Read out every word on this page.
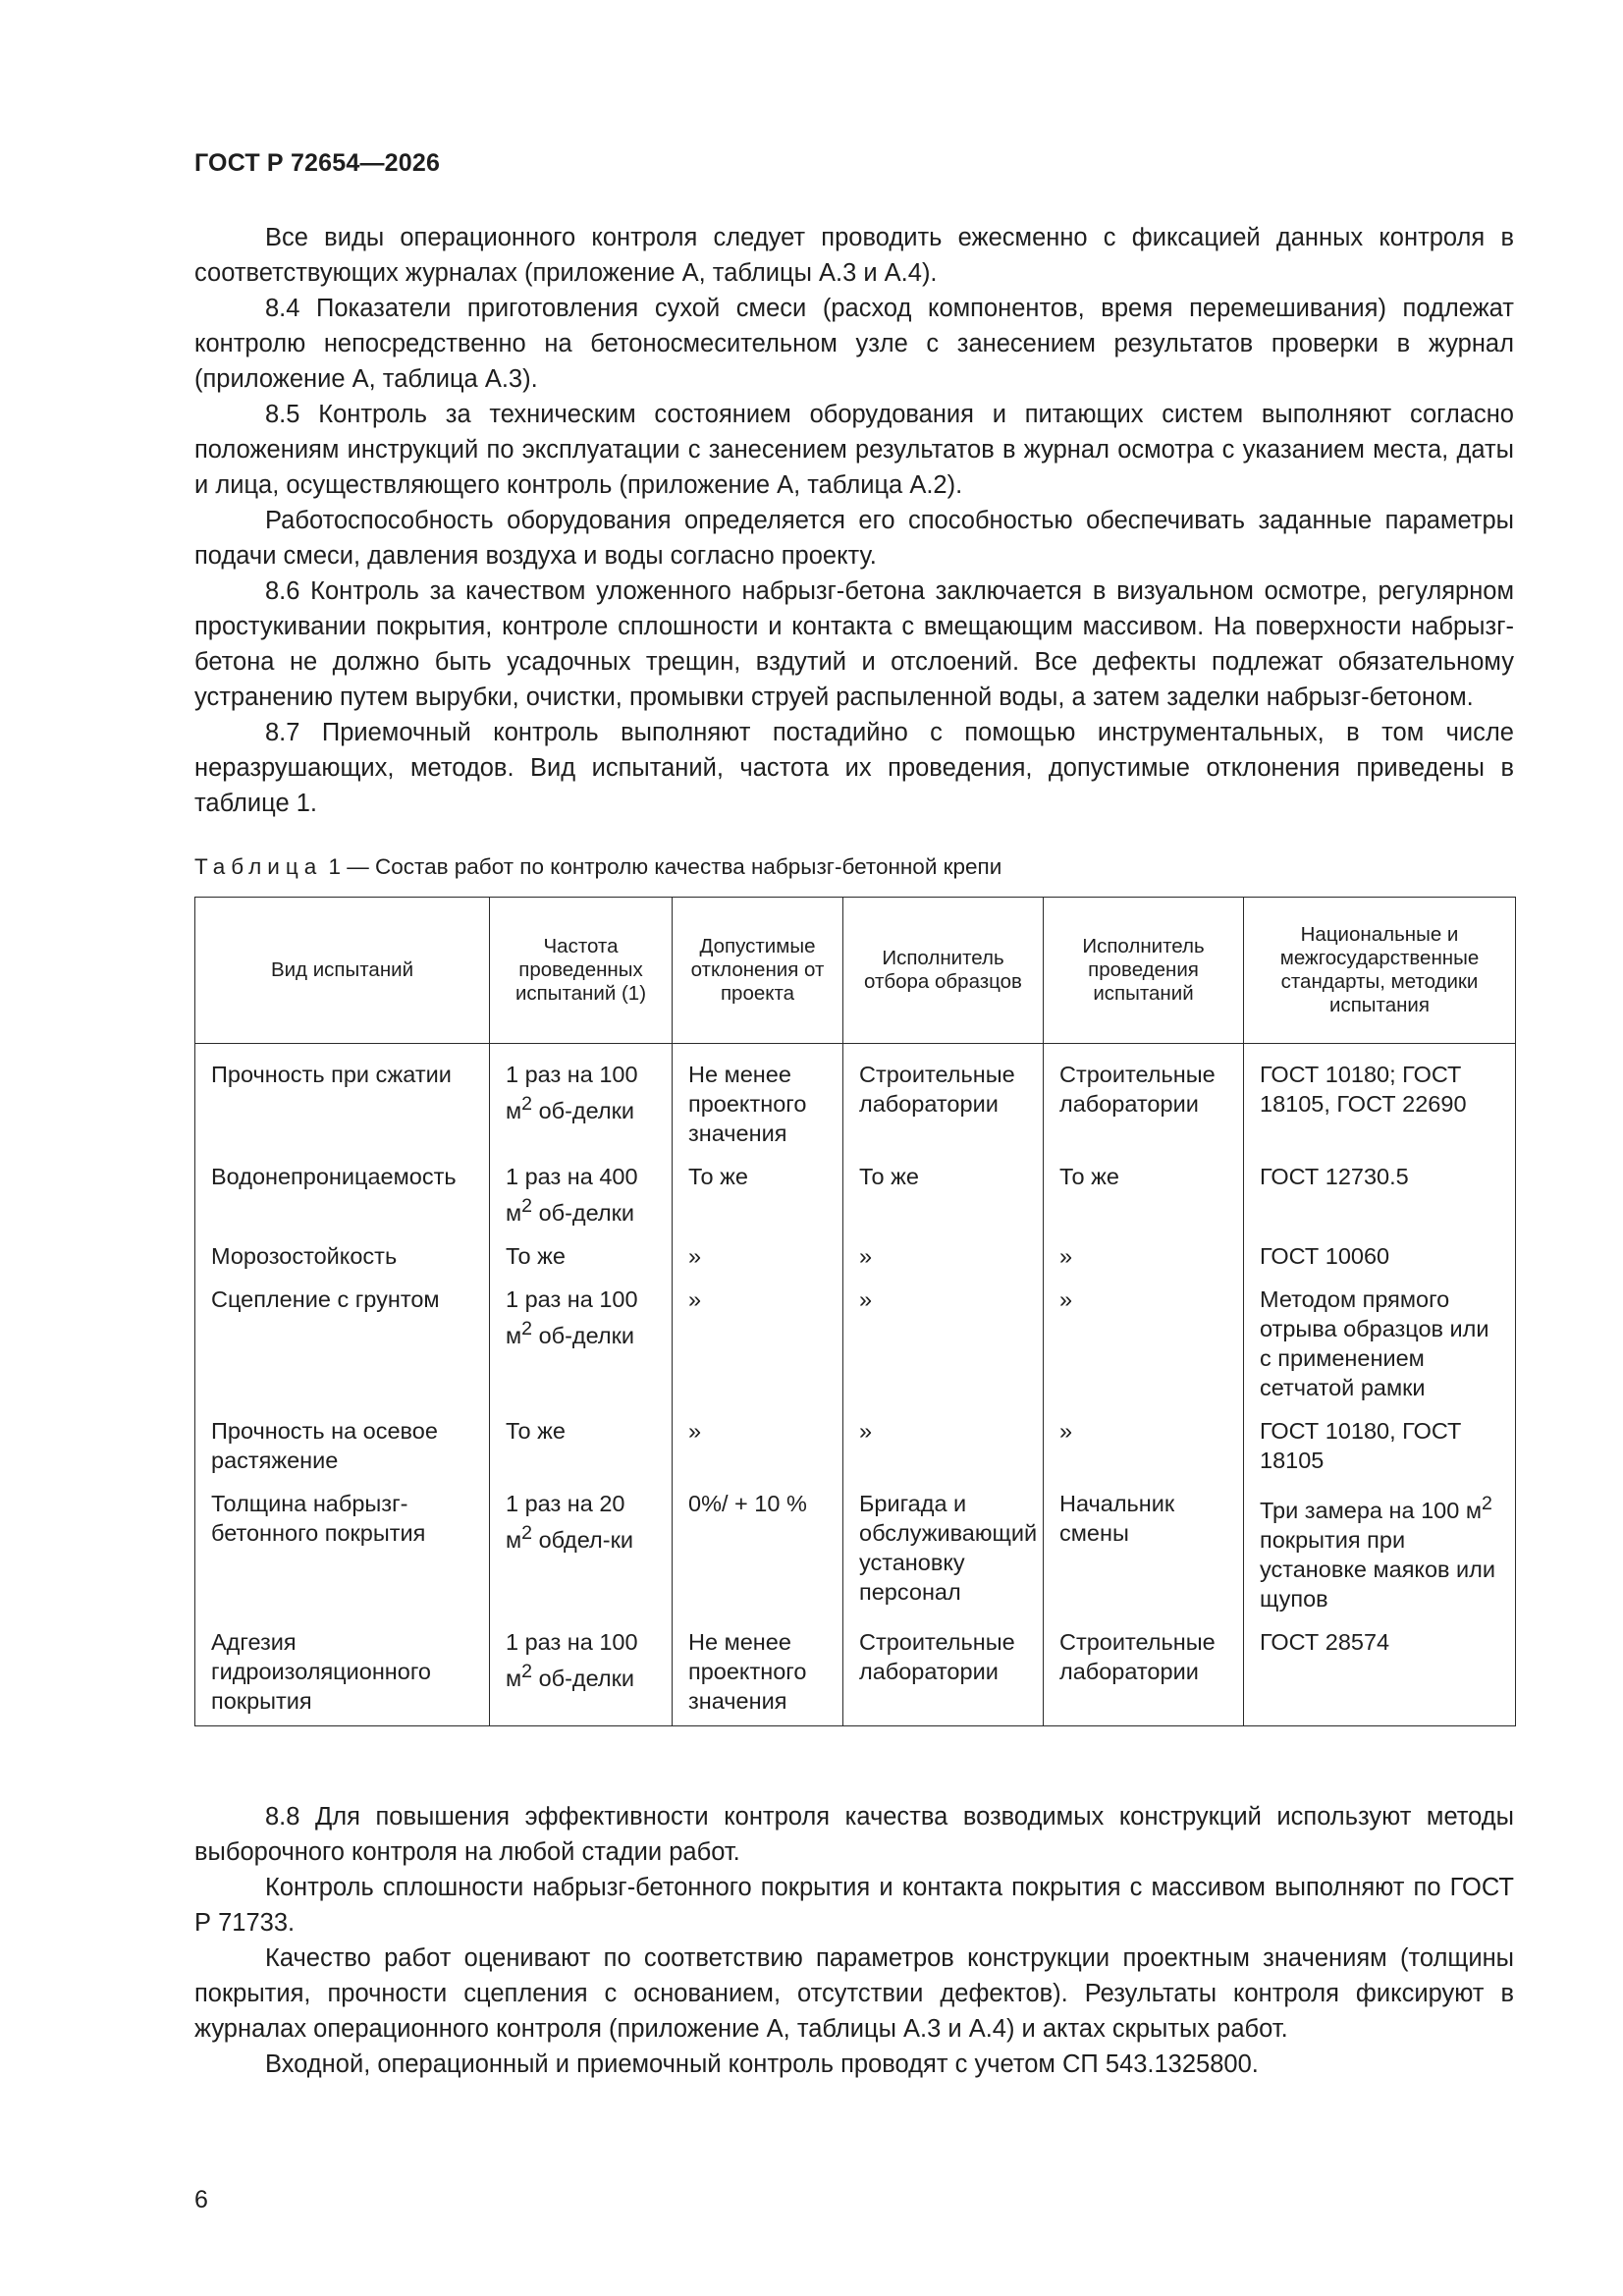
ГОСТ Р 72654—2026

Все виды операционного контроля следует проводить ежесменно с фиксацией данных контроля в соответствующих журналах (приложение А, таблицы А.3 и А.4).

8.4 Показатели приготовления сухой смеси (расход компонентов, время перемешивания) подлежат контролю непосредственно на бетоносмесительном узле с занесением результатов проверки в журнал (приложение А, таблица А.3).

8.5 Контроль за техническим состоянием оборудования и питающих систем выполняют согласно положениям инструкций по эксплуатации с занесением результатов в журнал осмотра с указанием места, даты и лица, осуществляющего контроль (приложение А, таблица А.2).

Работоспособность оборудования определяется его способностью обеспечивать заданные параметры подачи смеси, давления воздуха и воды согласно проекту.

8.6 Контроль за качеством уложенного набрызг-бетона заключается в визуальном осмотре, регулярном простукивании покрытия, контроле сплошности и контакта с вмещающим массивом. На поверхности набрызг-бетона не должно быть усадочных трещин, вздутий и отслоений. Все дефекты подлежат обязательному устранению путем вырубки, очистки, промывки струей распыленной воды, а затем заделки набрызг-бетоном.

8.7 Приемочный контроль выполняют постадийно с помощью инструментальных, в том числе неразрушающих, методов. Вид испытаний, частота их проведения, допустимые отклонения приведены в таблице 1.

Таблица 1 — Состав работ по контролю качества набрызг-бетонной крепи
Вид испытаний	Частота проведенных испытаний (1)	Допустимые отклонения от проекта	Исполнитель отбора образцов	Исполнитель проведения испытаний	Национальные и межгосударственные стандарты, методики испытания
Прочность при сжатии	1 раз на 100 $м^2$ об-делки	Не менее проектного значения	Строительные лаборатории	Строительные лаборатории	ГОСТ 10180; ГОСТ 18105, ГОСТ 22690
Водонепроницаемость	1 раз на 400 $м^2$ об-делки	То же	То же	То же	ГОСТ 12730.5
Морозостойкость	То же	»	»	»	ГОСТ 10060
Сцепление с грунтом	1 раз на 100 $м^2$ об-делки	»	»	»	Методом прямого отрыва образцов или с применением сетчатой рамки
Прочность на осевое растяжение	То же	»	»	»	ГОСТ 10180, ГОСТ 18105
Толщина набрызг-бетонного покрытия	1 раз на 20 $м^2$ обдел-ки	0%/ + 10 %	Бригада и обслуживающий установку персонал	Начальник смены	Три замера на 100 $м^2$ покрытия при установке маяков или щупов
Адгезия гидроизоляционного покрытия	1 раз на 100 $м^2$ об-делки	Не менее проектного значения	Строительные лаборатории	Строительные лаборатории	ГОСТ 28574

8.8 Для повышения эффективности контроля качества возводимых конструкций используют методы выборочного контроля на любой стадии работ.

Контроль сплошности набрызг-бетонного покрытия и контакта покрытия с массивом выполняют по ГОСТ Р 71733.

Качество работ оценивают по соответствию параметров конструкции проектным значениям (толщины покрытия, прочности сцепления с основанием, отсутствии дефектов). Результаты контроля фиксируют в журналах операционного контроля (приложение А, таблицы А.3 и А.4) и актах скрытых работ.

Входной, операционный и приемочный контроль проводят с учетом СП 543.1325800.

6
